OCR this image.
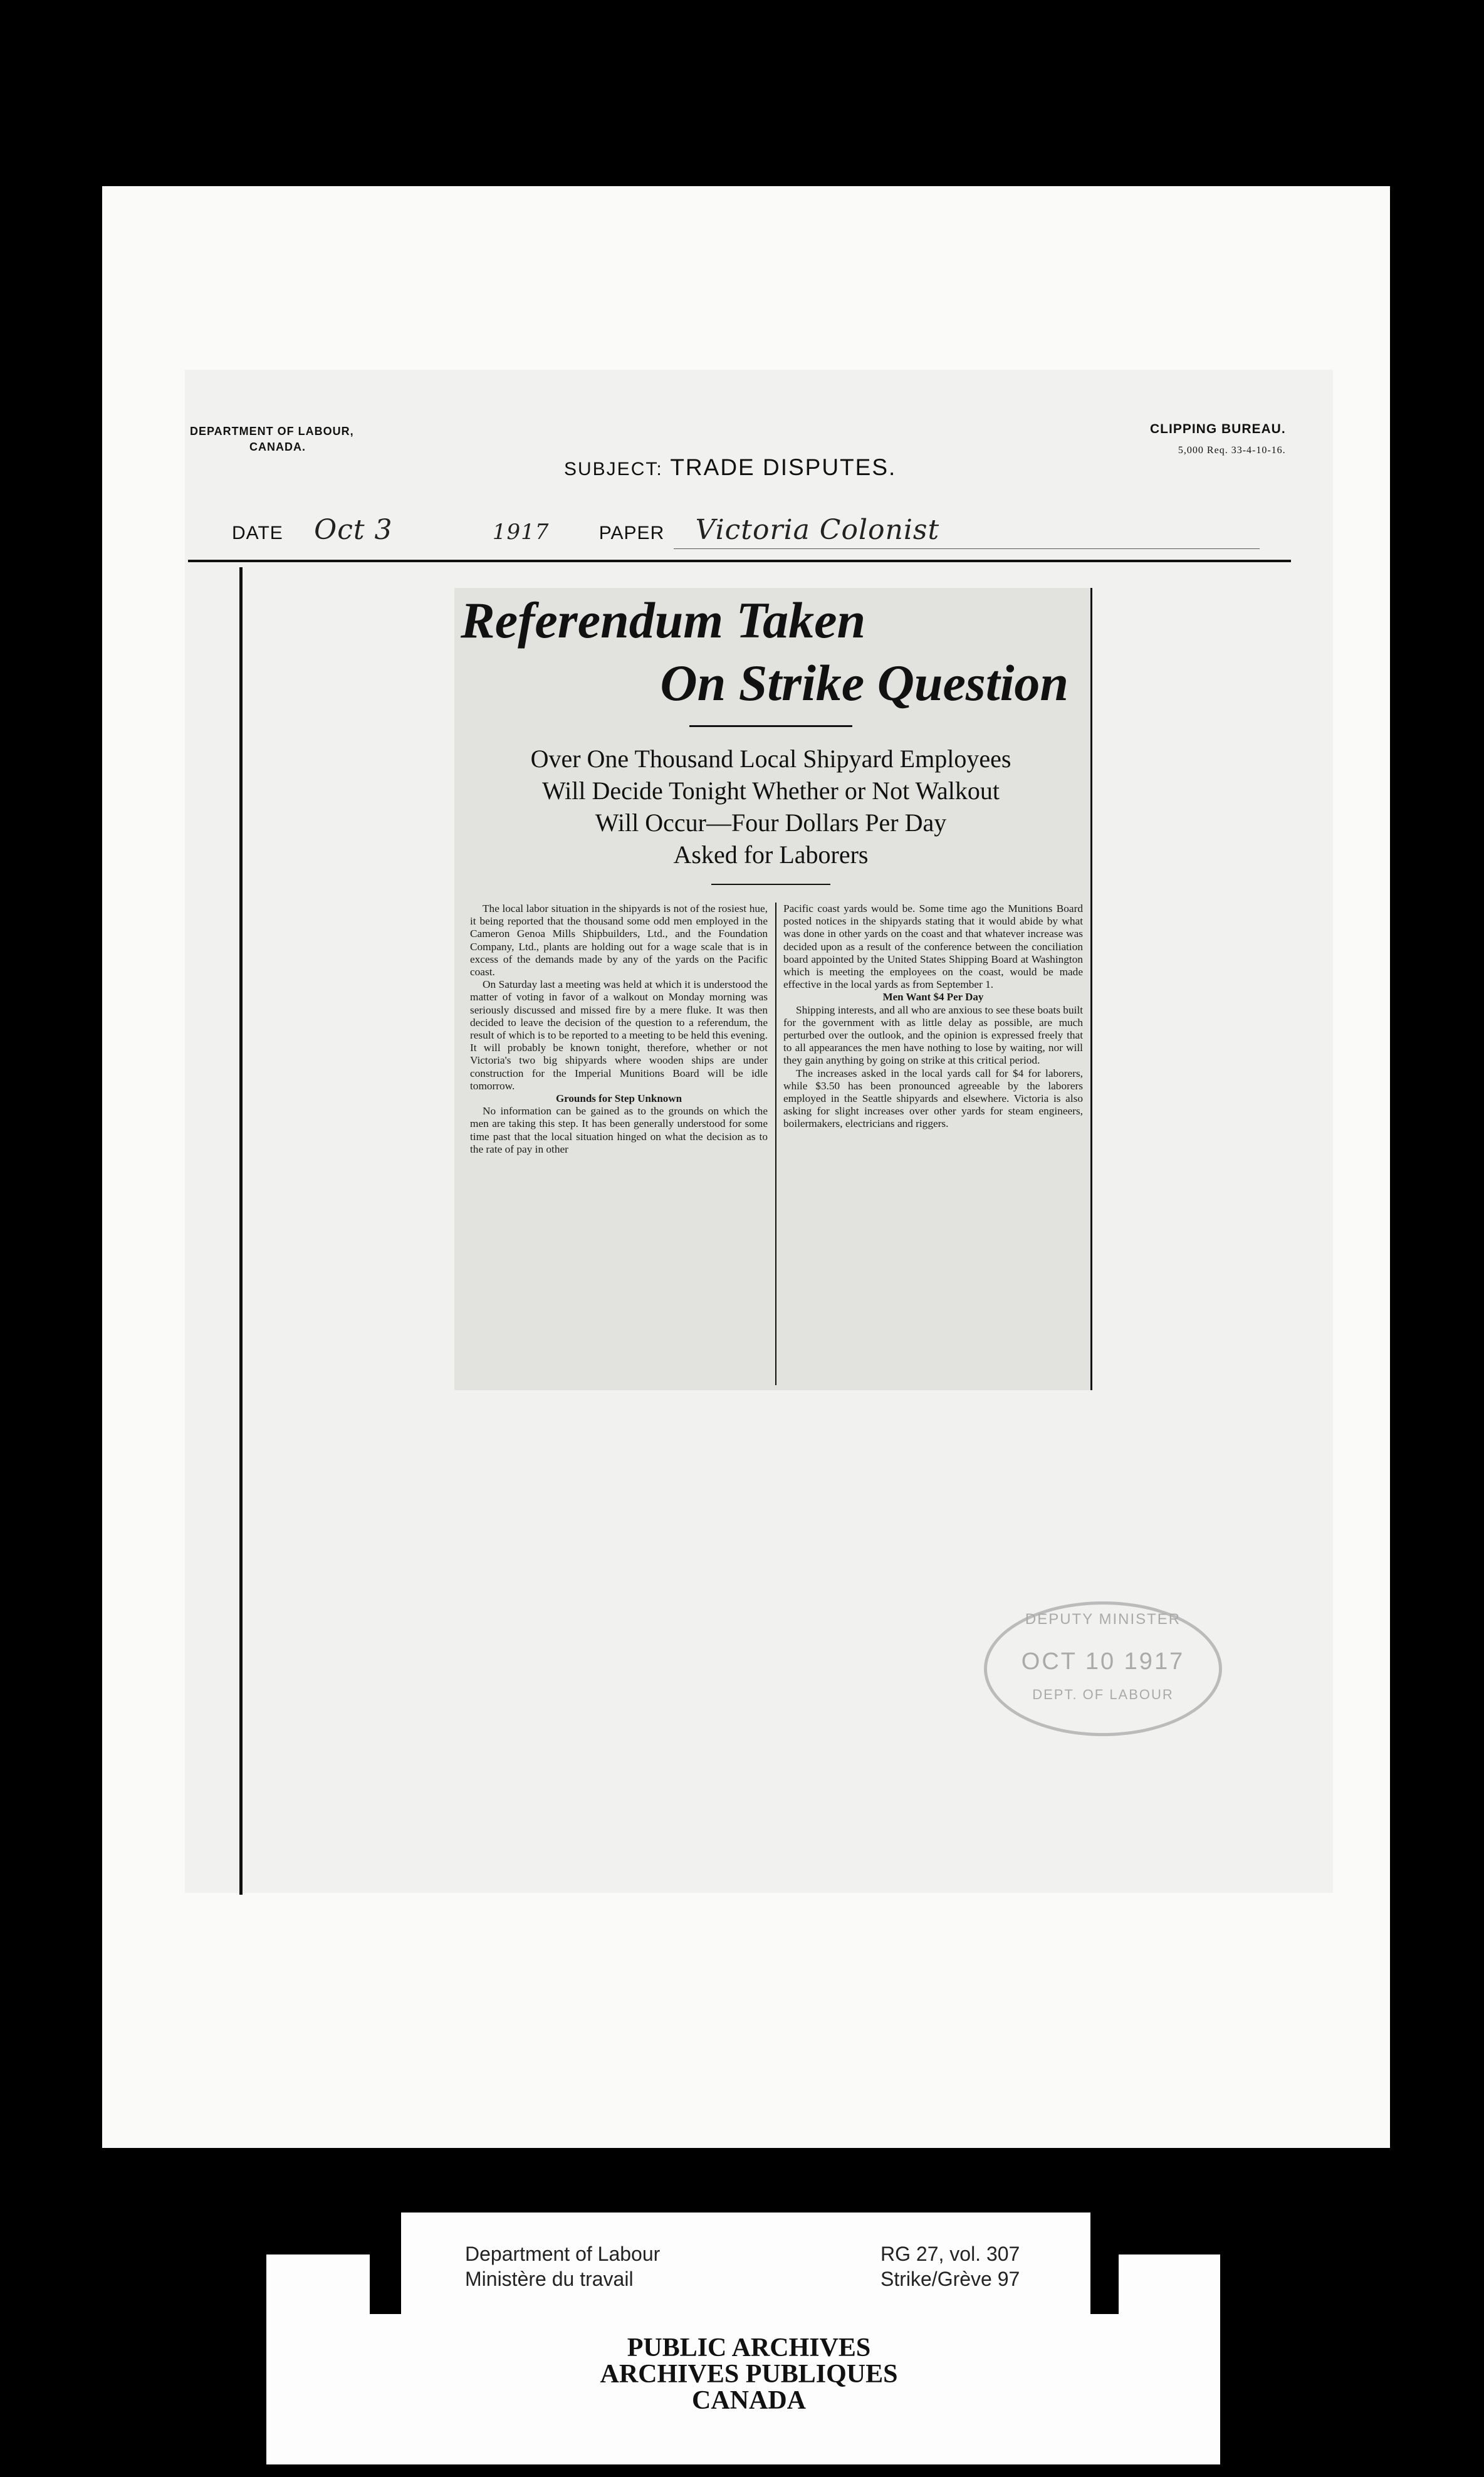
DEPARTMENT OF LABOUR,
CANADA.
CLIPPING BUREAU.
5,000 Req. 33-4-10-16.
SUBJECT: TRADE DISPUTES.
DATE Oct 3	1917	PAPER Victoria Colonist
Referendum Taken
On Strike Question
Over One Thousand Local Shipyard Employees
Will Decide Tonight Whether or Not Walkout
Will Occur—Four Dollars Per Day
Asked for Laborers

The local labor situation in the shipyards is not of the rosiest hue, it being reported that the thousand some odd men employed in the Cameron Genoa Mills Shipbuilders, Ltd., and the Foundation Company, Ltd., plants are holding out for a wage scale that is in excess of the demands made by any of the yards on the Pacific coast.

On Saturday last a meeting was held at which it is understood the matter of voting in favor of a walkout on Monday morning was seriously discussed and missed fire by a mere fluke. It was then decided to leave the decision of the question to a referendum, the result of which is to be reported to a meeting to be held this evening. It will probably be known tonight, therefore, whether or not Victoria's two big shipyards where wooden ships are under construction for the Imperial Munitions Board will be idle tomorrow.

Grounds for Step Unknown

No information can be gained as to the grounds on which the men are taking this step. It has been generally understood for some time past that the local situation hinged on what the decision as to the rate of pay in other

Pacific coast yards would be. Some time ago the Munitions Board posted notices in the shipyards stating that it would abide by what was done in other yards on the coast and that whatever increase was decided upon as a result of the conference between the conciliation board appointed by the United States Shipping Board at Washington which is meeting the employees on the coast, would be made effective in the local yards as from September 1.

Men Want $4 Per Day

Shipping interests, and all who are anxious to see these boats built for the government with as little delay as possible, are much perturbed over the outlook, and the opinion is expressed freely that to all appearances the men have nothing to lose by waiting, nor will they gain anything by going on strike at this critical period.

The increases asked in the local yards call for $4 for laborers, while $3.50 has been pronounced agreeable by the laborers employed in the Seattle shipyards and elsewhere. Victoria is also asking for slight increases over other yards for steam engineers, boilermakers, electricians and riggers.

DEPUTY MINISTER
OCT 10 1917
DEPT. OF LABOUR
Department of Labour
Ministère du travail
RG 27, vol. 307
Strike/Grève 97
PUBLIC ARCHIVES
ARCHIVES PUBLIQUES
CANADA
